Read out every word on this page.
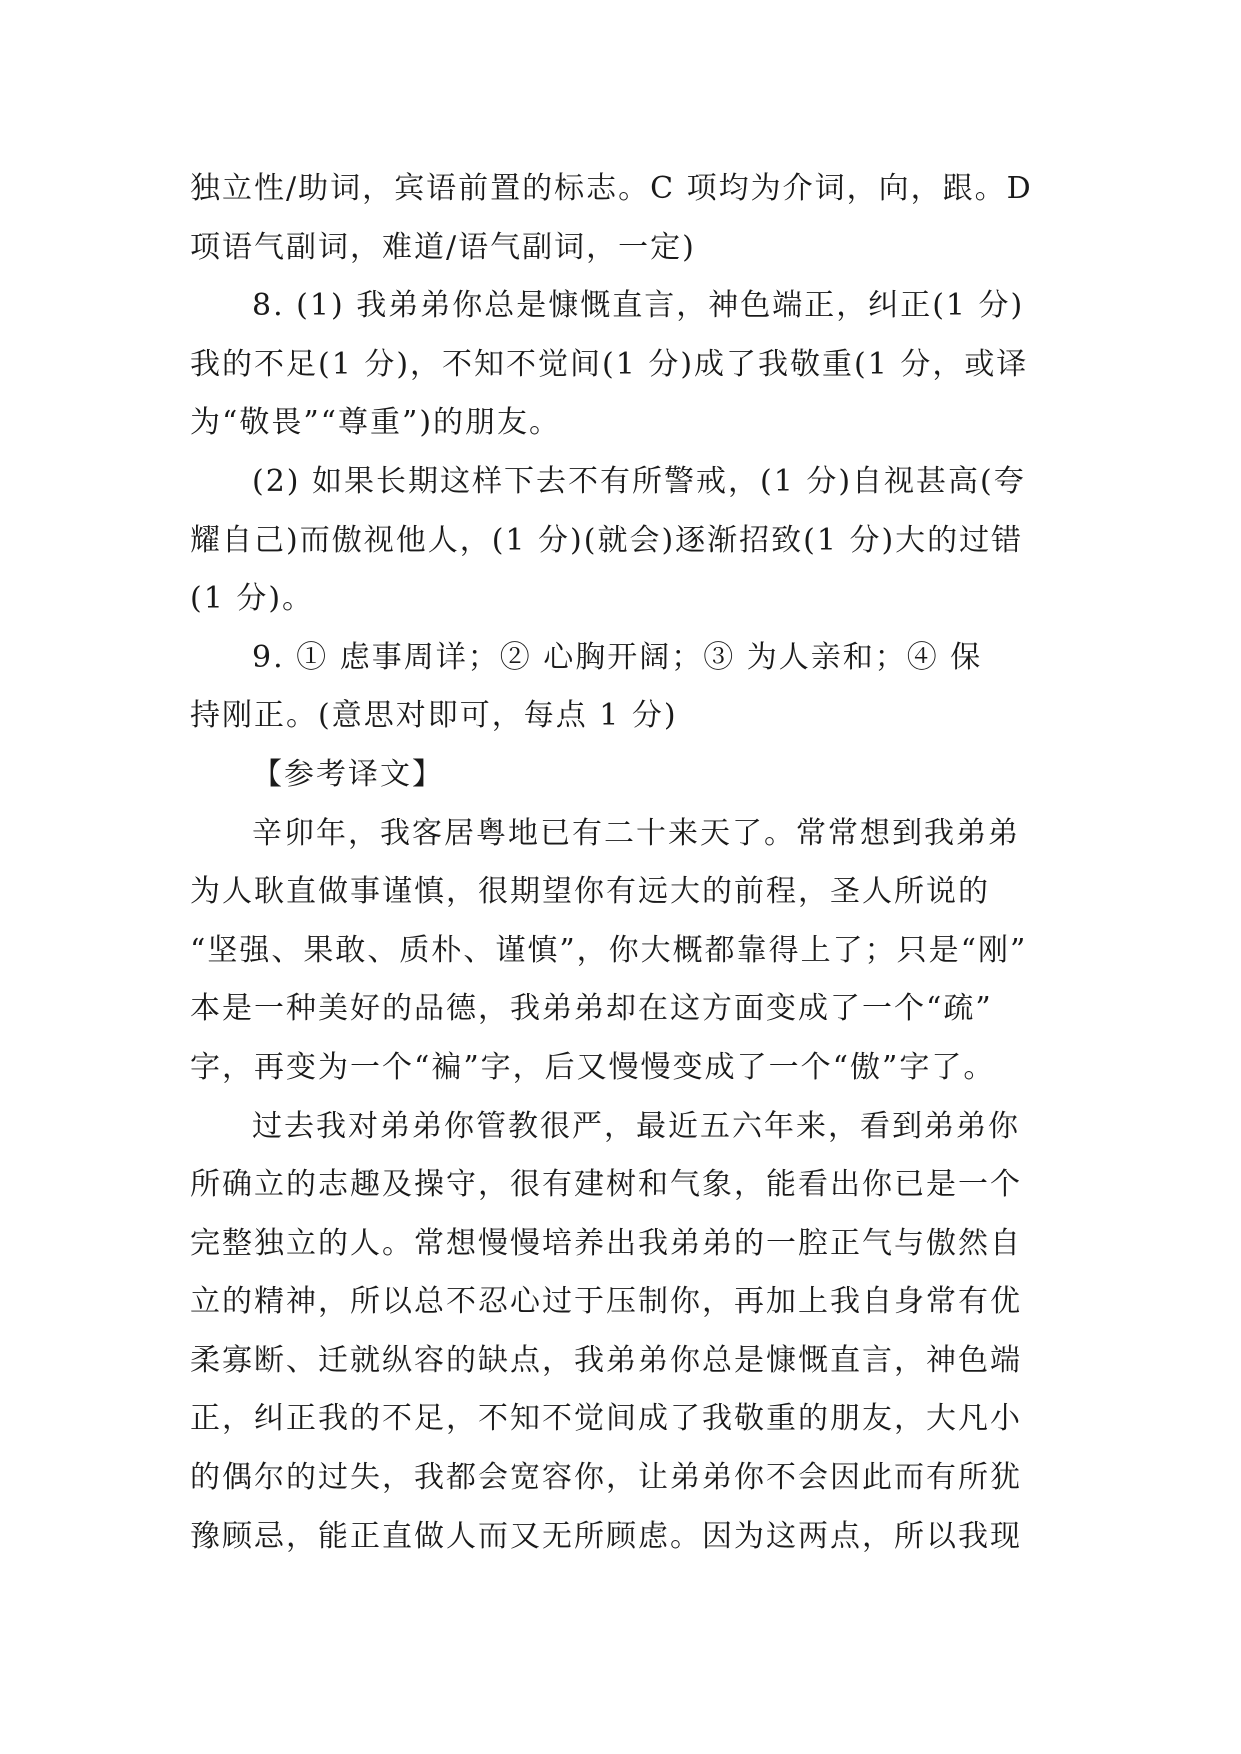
独立性/助词，宾语前置的标志。C 项均为介词，向，跟。D
项语气副词，难道/语气副词，一定)
8. (1) 我弟弟你总是慷慨直言，神色端正，纠正(1 分)
我的不足(1 分)，不知不觉间(1 分)成了我敬重(1 分，或译
为“敬畏”“尊重”)的朋友。
(2) 如果长期这样下去不有所警戒，(1 分)自视甚高(夸
耀自己)而傲视他人，(1 分)(就会)逐渐招致(1 分)大的过错
(1 分)。
9. ① 虑事周详；② 心胸开阔；③ 为人亲和；④ 保
持刚正。(意思对即可，每点 1 分)
【参考译文】
辛卯年，我客居粤地已有二十来天了。常常想到我弟弟
为人耿直做事谨慎，很期望你有远大的前程，圣人所说的
“坚强、果敢、质朴、谨慎”，你大概都靠得上了；只是“刚”
本是一种美好的品德，我弟弟却在这方面变成了一个“疏”
字，再变为一个“褊”字，后又慢慢变成了一个“傲”字了。
过去我对弟弟你管教很严，最近五六年来，看到弟弟你
所确立的志趣及操守，很有建树和气象，能看出你已是一个
完整独立的人。常想慢慢培养出我弟弟的一腔正气与傲然自
立的精神，所以总不忍心过于压制你，再加上我自身常有优
柔寡断、迁就纵容的缺点，我弟弟你总是慷慨直言，神色端
正，纠正我的不足，不知不觉间成了我敬重的朋友，大凡小
的偶尔的过失，我都会宽容你，让弟弟你不会因此而有所犹
豫顾忌，能正直做人而又无所顾虑。因为这两点，所以我现
